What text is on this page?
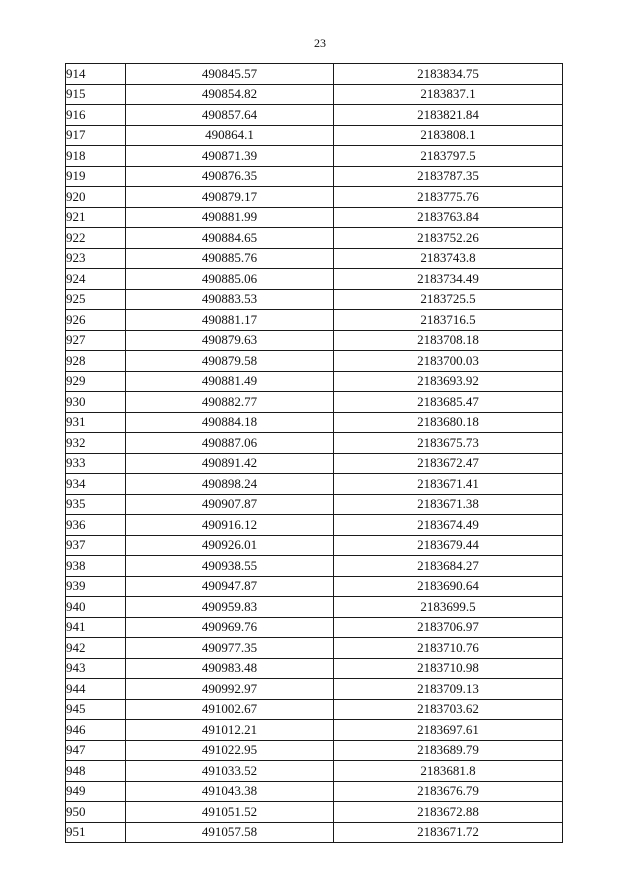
23
914	490845.57	2183834.75
915	490854.82	2183837.1
916	490857.64	2183821.84
917	490864.1	2183808.1
918	490871.39	2183797.5
919	490876.35	2183787.35
920	490879.17	2183775.76
921	490881.99	2183763.84
922	490884.65	2183752.26
923	490885.76	2183743.8
924	490885.06	2183734.49
925	490883.53	2183725.5
926	490881.17	2183716.5
927	490879.63	2183708.18
928	490879.58	2183700.03
929	490881.49	2183693.92
930	490882.77	2183685.47
931	490884.18	2183680.18
932	490887.06	2183675.73
933	490891.42	2183672.47
934	490898.24	2183671.41
935	490907.87	2183671.38
936	490916.12	2183674.49
937	490926.01	2183679.44
938	490938.55	2183684.27
939	490947.87	2183690.64
940	490959.83	2183699.5
941	490969.76	2183706.97
942	490977.35	2183710.76
943	490983.48	2183710.98
944	490992.97	2183709.13
945	491002.67	2183703.62
946	491012.21	2183697.61
947	491022.95	2183689.79
948	491033.52	2183681.8
949	491043.38	2183676.79
950	491051.52	2183672.88
951	491057.58	2183671.72
